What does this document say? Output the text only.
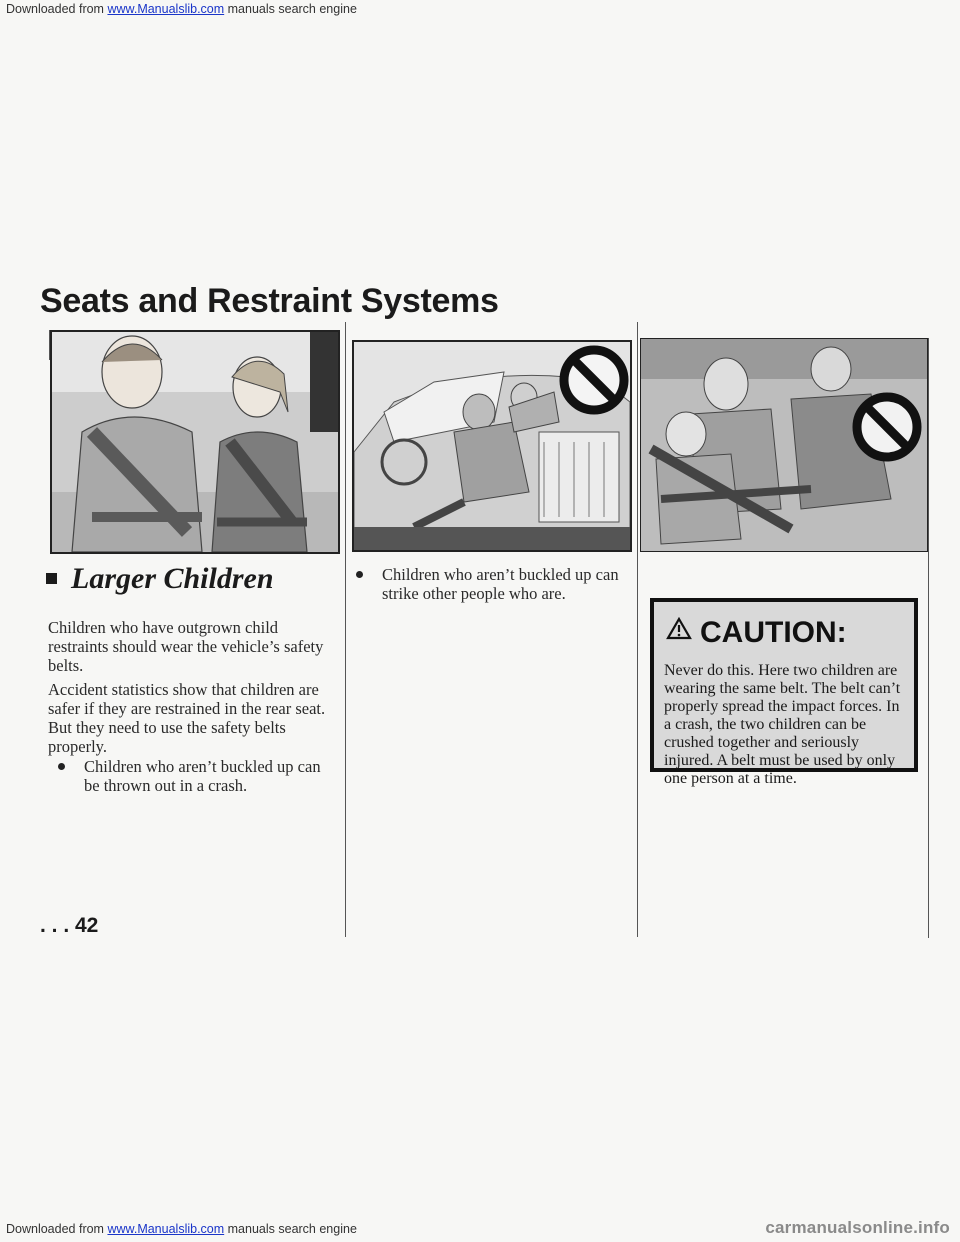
Downloaded from www.Manualslib.com manuals search engine
Seats and Restraint Systems
Larger Children
Children who have outgrown child restraints should wear the vehicle’s safety belts.
Accident statistics show that children are safer if they are restrained in the rear seat. But they need to use the safety belts properly.
Children who aren’t buckled up can be thrown out in a crash.
Children who aren’t buckled up can strike other people who are.
CAUTION:
Never do this. Here two children are wearing the same belt. The belt can’t properly spread the impact forces. In a crash, the two children can be crushed together and seriously injured. A belt must be used by only one person at a time.
. . . 42
Downloaded from www.Manualslib.com manuals search engine	carmanualsonline.info
